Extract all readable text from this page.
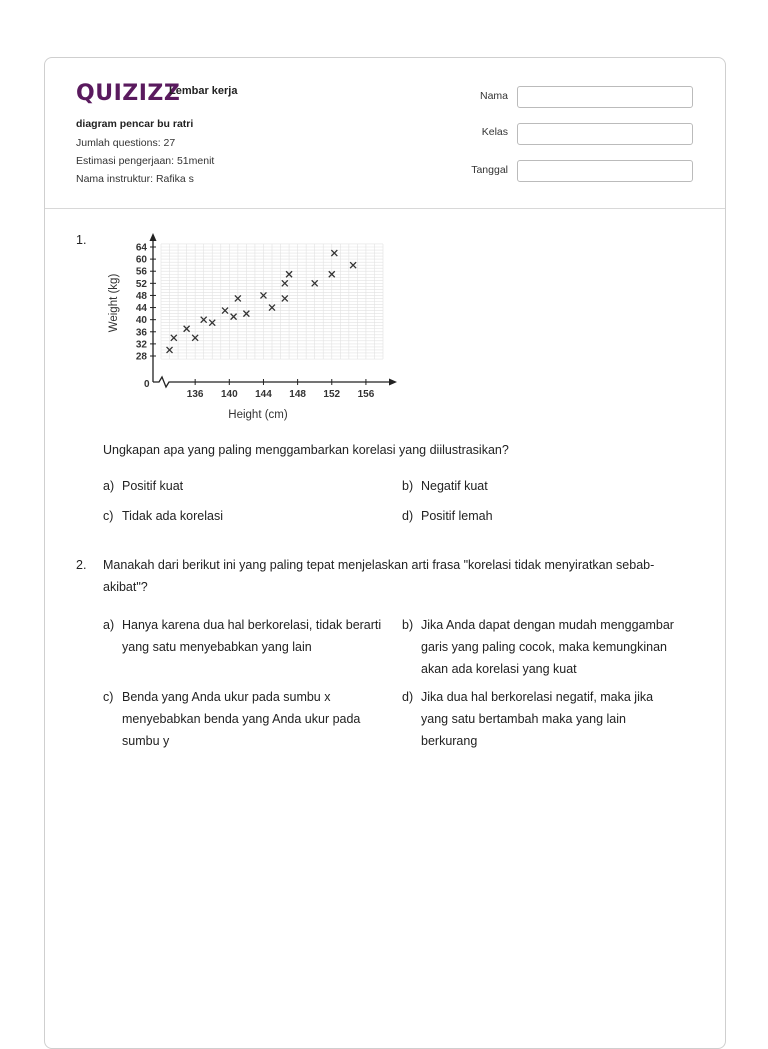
QUIZIZZ
Lembar kerja
diagram pencar bu ratri
Jumlah questions: 27
Estimasi pengerjaan: 51menit
Nama instruktur: Rafika s
Nama
Kelas
Tanggal
1.
0
136 140 144 148 152 156
28
32
36
40
44
48
52
56
60
64
Height (cm)
Weight (kg)
Ungkapan apa yang paling menggambarkan korelasi yang diilustrasikan?
a) Positif kuat	b) Negatif kuat
c) Tidak ada korelasi	d) Positif lemah
2. Manakah dari berikut ini yang paling tepat menjelaskan arti frasa "korelasi tidak menyiratkan sebab-akibat"?
a) Hanya karena dua hal berkorelasi, tidak berarti yang satu menyebabkan yang lain
b) Jika Anda dapat dengan mudah menggambar garis yang paling cocok, maka kemungkinan akan ada korelasi yang kuat
c) Benda yang Anda ukur pada sumbu x menyebabkan benda yang Anda ukur pada sumbu y
d) Jika dua hal berkorelasi negatif, maka jika yang satu bertambah maka yang lain berkurang
